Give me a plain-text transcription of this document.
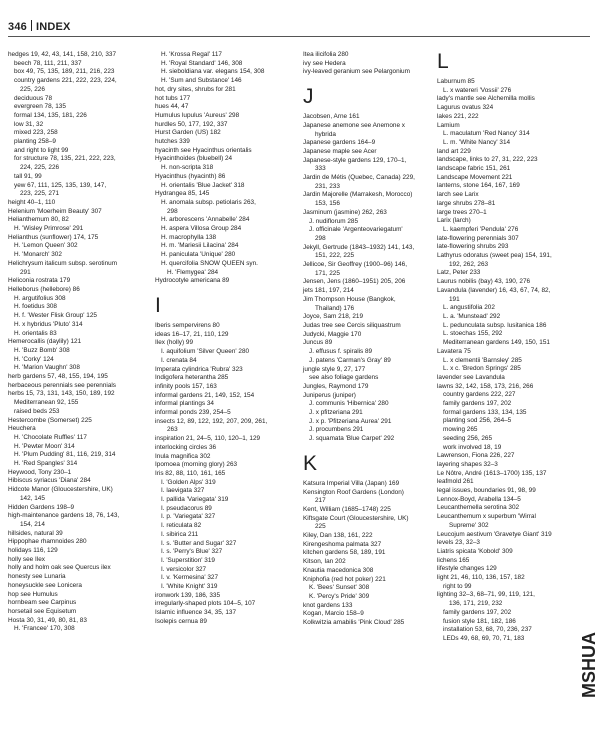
346 INDEX
hedges 19, 42, 43, 141, 158, 210, 337
beech 78, 111, 211, 337
box 49, 75, 135, 189, 211, 216, 223
country gardens 221, 222, 223, 224,
225, 226
deciduous 78
evergreen 78, 135
formal 134, 135, 181, 226
low 31, 32
mixed 223, 258
planting 258–9
and right to light 99
for structure 78, 135, 221, 222, 223,
224, 225, 226
tall 91, 99
yew 67, 111, 125, 135, 139, 147,
223, 225, 271
height 40–1, 110
Helenium 'Moerheim Beauty' 307
Helianthemum 80, 82
H. 'Wisley Primrose' 291
Helianthus (sunflower) 174, 175
H. 'Lemon Queen' 302
H. 'Monarch' 302
Helichrysum italicum subsp. serotinum
291
Heliconia rostrata 179
Helleborus (hellebore) 86
H. argutifolius 308
H. foetidus 308
H. f. 'Wester Flisk Group' 125
H. x hybridus 'Pluto' 314
H. orientalis 83
Hemerocallis (daylily) 121
H. 'Buzz Bomb' 308
H. 'Corky' 124
H. 'Marion Vaughn' 308
herb gardens 57, 48, 155, 194, 195
herbaceous perennials see perennials
herbs 15, 73, 131, 143, 150, 189, 192
Mediterranean 92, 155
raised beds 253
Hestercombe (Somerset) 225
Heuchera
H. 'Chocolate Ruffles' 117
H. 'Pewter Moon' 314
H. 'Plum Pudding' 81, 116, 219, 314
H. 'Red Spangles' 314
Heywood, Tony 230–1
Hibiscus syriacus 'Diana' 284
Hidcote Manor (Gloucestershire, UK)
142, 145
Hidden Gardens 198–9
high-maintenance gardens 18, 76, 143,
154, 214
hillsides, natural 39
Hippophae rhamnoides 280
holidays 116, 129
holly see Ilex
holly and holm oak see Quercus ilex
honesty see Lunaria
honeysuckle see Lonicera
hop see Humulus
hornbeam see Carpinus
horsetail see Equisetum
Hosta 30, 31, 49, 80, 81, 83
H. 'Francee' 170, 308
H. 'Krossa Regal' 117
H. 'Royal Standard' 146, 308
H. sieboldiana var. elegans 154, 308
H. 'Sum and Substance' 146
hot, dry sites, shrubs for 281
hot tubs 177
hues 44, 47
Humulus lupulus 'Aureus' 298
hurdles 50, 177, 192, 337
Hurst Garden (US) 182
hutches 339
hyacinth see Hyacinthus orientalis
Hyacinthoides (bluebell) 24
H. non-scripta 318
Hyacinthus (hyacinth) 86
H. orientalis 'Blue Jacket' 318
Hydrangea 85, 145
H. anomala subsp. petiolaris 263,
298
H. arborescens 'Annabelle' 284
H. aspera Villosa Group 284
H. macrophylla 138
H. m. 'Mariesii Lilacina' 284
H. paniculata 'Unique' 280
H. quercifolia SNOW QUEEN syn.
H. 'Flemygea' 284
Hydrocotyle americana 89
I
Iberis sempervirens 80
ideas 16–17, 21, 110, 129
Ilex (holly) 99
I. aquifolium 'Silver Queen' 280
I. crenata 84
Imperata cylindrica 'Rubra' 323
Indigofera heterantha 285
infinity pools 157, 163
informal gardens 21, 149, 152, 154
informal plantings 34
informal ponds 239, 254–5
insects 12, 89, 122, 192, 207, 209, 261,
263
inspiration 21, 24–5, 110, 120–1, 129
interlocking circles 36
Inula magnifica 302
Ipomoea (morning glory) 263
Iris 82, 88, 110, 161, 165
I. 'Golden Alps' 319
I. laevigata 327
I. pallida 'Variegata' 319
I. pseudacorus 89
I. p. 'Variegata' 327
I. reticulata 82
I. sibirica 211
I. s. 'Butter and Sugar' 327
I. s. 'Perry's Blue' 327
I. 'Superstition' 319
I. versicolor 327
I. v. 'Kermesina' 327
I. 'White Knight' 319
ironwork 139, 186, 335
irregularly-shaped plots 104–5, 107
Islamic influence 34, 35, 137
Isolepis cernua 89
Itea ilicifolia 280
ivy see Hedera
ivy-leaved geranium see Pelargonium
J
Jacobsen, Arne 161
Japanese anemone see Anemone x
hybrida
Japanese gardens 164–9
Japanese maple see Acer
Japanese-style gardens 129, 170–1,
333
Jardin de Métis (Quebec, Canada) 229,
231, 233
Jardin Majorelle (Marrakesh, Morocco)
153, 156
Jasminum (jasmine) 262, 263
J. nudiflorum 285
J. officinale 'Argenteovariegatum'
298
Jekyll, Gertrude (1843–1932) 141, 143,
151, 222, 225
Jellicoe, Sir Geoffrey (1900–96) 146,
171, 225
Jensen, Jens (1860–1951) 205, 206
jets 181, 197, 214
Jim Thompson House (Bangkok,
Thailand) 176
Joyce, Sam 218, 219
Judas tree see Cercis siliquastrum
Judycki, Maggie 170
Juncus 89
J. effusus f. spiralis 89
J. patens 'Carman's Gray' 89
jungle style 9, 27, 177
see also foliage gardens
Jungles, Raymond 179
Juniperus (juniper)
J. communis 'Hibernica' 280
J. x pfitzeriana 291
J. x p. 'Pfitzeriana Aurea' 291
J. procumbens 291
J. squamata 'Blue Carpet' 292
K
Katsura Imperial Villa (Japan) 169
Kensington Roof Gardens (London)
217
Kent, William (1685–1748) 225
Kiftsgate Court (Gloucestershire, UK)
225
Kiley, Dan 138, 161, 222
Kirengeshoma palmata 327
kitchen gardens 58, 189, 191
Kitson, Ian 202
Knautia macedonica 308
Kniphofia (red hot poker) 221
K. 'Bees' Sunset' 308
K. 'Percy's Pride' 309
knot gardens 133
Kogan, Marcio 158–9
Kolkwitzia amabilis 'Pink Cloud' 285
L
Laburnum 85
L. x watereri 'Vossii' 276
lady's mantle see Alchemilla mollis
Lagurus ovatus 324
lakes 221, 222
Lamium
L. maculatum 'Red Nancy' 314
L. m. 'White Nancy' 314
land art 229
landscape, links to 27, 31, 222, 223
landscape fabric 151, 261
Landscape Movement 221
lanterns, stone 164, 167, 169
larch see Larix
large shrubs 278–81
large trees 270–1
Larix (larch)
L. kaempferi 'Pendula' 276
late-flowering perennials 307
late-flowering shrubs 293
Lathyrus odoratus (sweet pea) 154, 191,
192, 262, 263
Latz, Peter 233
Laurus nobilis (bay) 43, 190, 276
Lavandula (lavender) 16, 43, 67, 74, 82,
191
L. angustifolia 202
L. a. 'Munstead' 292
L. pedunculata subsp. lusitanica 186
L. stoechas 155, 292
Mediterranean gardens 149, 150, 151
Lavatera 75
L. x clementii 'Barnsley' 285
L. x c. 'Bredon Springs' 285
lavender see Lavandula
lawns 32, 142, 158, 173, 216, 266
country gardens 222, 227
family gardens 197, 202
formal gardens 133, 134, 135
planting sod 256, 264–5
mowing 265
seeding 256, 265
work involved 18, 19
Lawrenson, Fiona 226, 227
layering shapes 32–3
Le Nôtre, André (1613–1700) 135, 137
leafmold 261
legal issues, boundaries 91, 98, 99
Lennox-Boyd, Arabella 134–5
Leucanthemella serotina 302
Leucanthemum x superbum 'Wirral
Supreme' 302
Leucojum aestivum 'Gravetye Giant' 319
levels 23, 32–3
Liatris spicata 'Kobold' 309
lichens 165
lifestyle changes 129
light 21, 46, 110, 136, 157, 182
right to 99
lighting 32–3, 68–71, 99, 119, 121,
136, 171, 219, 232
family gardens 197, 202
fusion style 181, 182, 186
installation 53, 68, 70, 236, 237
LEDs 49, 68, 69, 70, 71, 183	MSHUA
